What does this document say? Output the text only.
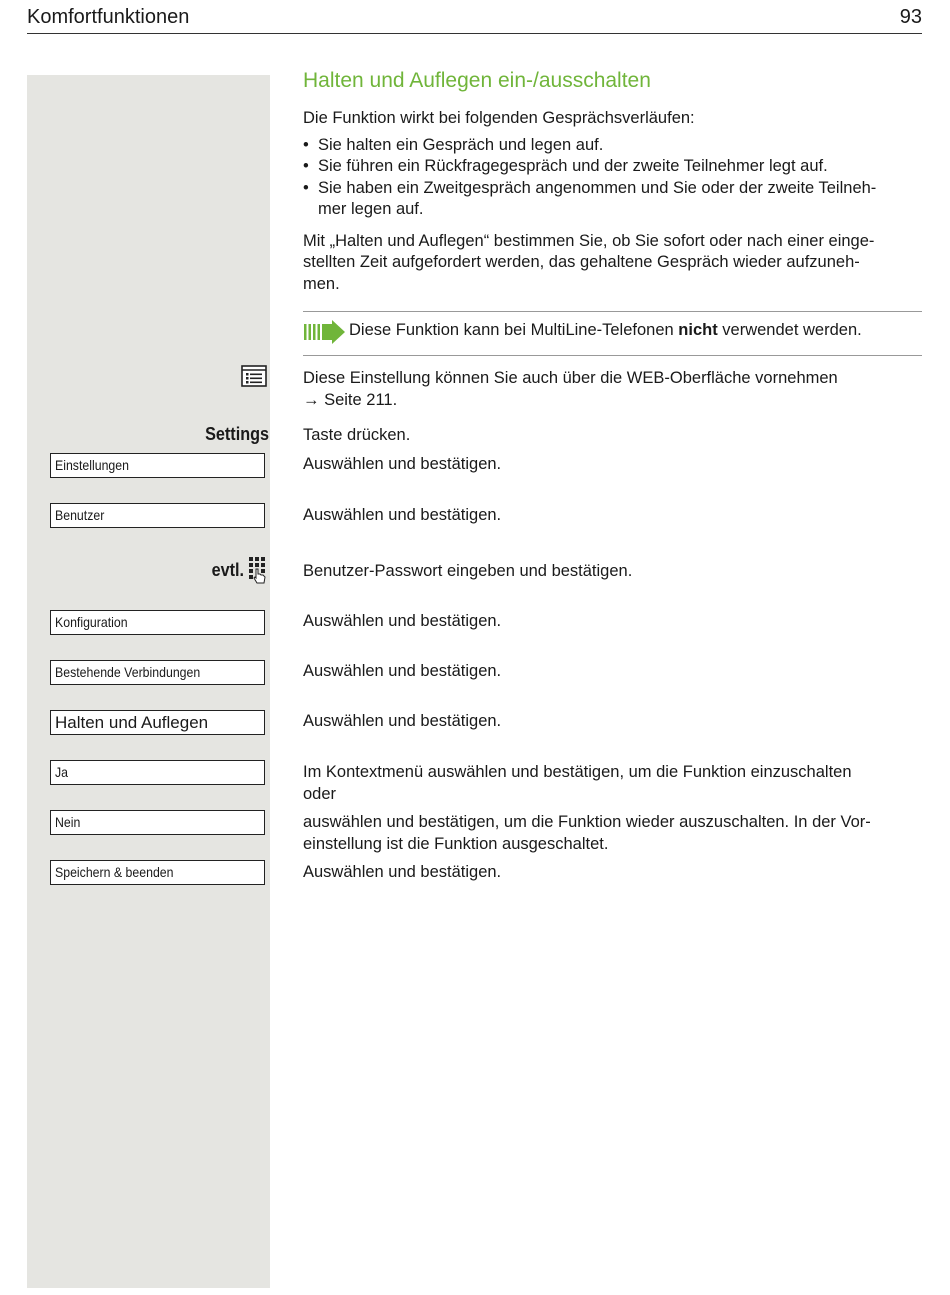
Komfortfunktionen	93
Halten und Auflegen ein-/ausschalten
Die Funktion wirkt bei folgenden Gesprächsverläufen:
• Sie halten ein Gespräch und legen auf.
• Sie führen ein Rückfragegespräch und der zweite Teilnehmer legt auf.
• Sie haben ein Zweitgespräch angenommen und Sie oder der zweite Teilneh-
mer legen auf.
Mit „Halten und Auflegen“ bestimmen Sie, ob Sie sofort oder nach einer einge-
stellten Zeit aufgefordert werden, das gehaltene Gespräch wieder aufzuneh-
men.
Diese Funktion kann bei MultiLine-Telefonen nicht verwendet werden.
Diese Einstellung können Sie auch über die WEB-Oberfläche vornehmen
→ Seite 211.
Settings Taste drücken.
Einstellungen	Auswählen und bestätigen.
Benutzer	Auswählen und bestätigen.
evtl.	Benutzer-Passwort eingeben und bestätigen.
Konfiguration	Auswählen und bestätigen.
Bestehende Verbindungen	Auswählen und bestätigen.
Halten und Auflegen	Auswählen und bestätigen.
Ja	Im Kontextmenü auswählen und bestätigen, um die Funktion einzuschalten
oder
Nein	auswählen und bestätigen, um die Funktion wieder auszuschalten. In der Vor-
einstellung ist die Funktion ausgeschaltet.
Speichern & beenden	Auswählen und bestätigen.
